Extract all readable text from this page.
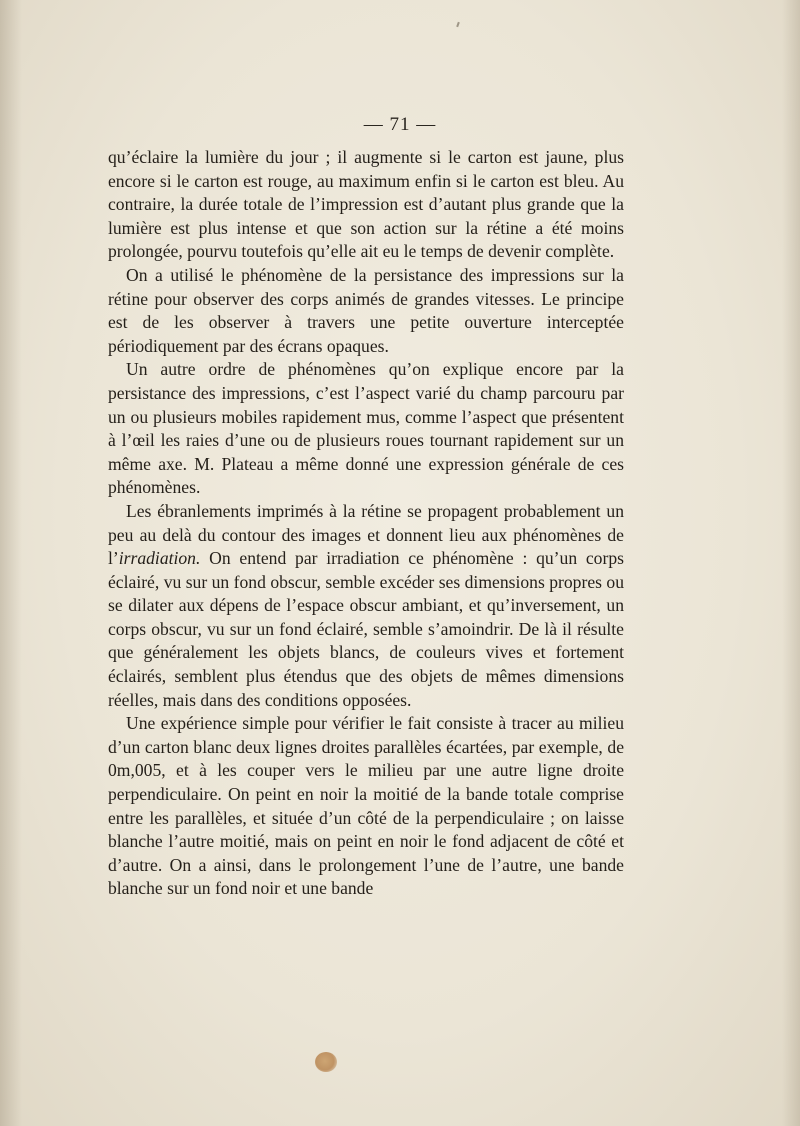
— 71 —

qu’éclaire la lumière du jour ; il augmente si le carton est jaune, plus encore si le carton est rouge, au maximum enfin si le carton est bleu. Au contraire, la durée totale de l’impression est d’autant plus grande que la lumière est plus intense et que son action sur la rétine a été moins prolongée, pourvu toutefois qu’elle ait eu le temps de devenir complète.

On a utilisé le phénomène de la persistance des impressions sur la rétine pour observer des corps animés de grandes vitesses. Le principe est de les observer à travers une petite ouverture interceptée périodiquement par des écrans opaques.

Un autre ordre de phénomènes qu’on explique encore par la persistance des impressions, c’est l’aspect varié du champ parcouru par un ou plusieurs mobiles rapidement mus, comme l’aspect que présentent à l’œil les raies d’une ou de plusieurs roues tournant rapidement sur un même axe. M. Plateau a même donné une expression générale de ces phénomènes.

Les ébranlements imprimés à la rétine se propagent probablement un peu au delà du contour des images et donnent lieu aux phénomènes de l’irradiation. On entend par irradiation ce phénomène : qu’un corps éclairé, vu sur un fond obscur, semble excéder ses dimensions propres ou se dilater aux dépens de l’espace obscur ambiant, et qu’inversement, un corps obscur, vu sur un fond éclairé, semble s’amoindrir. De là il résulte que généralement les objets blancs, de couleurs vives et fortement éclairés, semblent plus étendus que des objets de mêmes dimensions réelles, mais dans des conditions opposées.

Une expérience simple pour vérifier le fait consiste à tracer au milieu d’un carton blanc deux lignes droites parallèles écartées, par exemple, de 0m,005, et à les couper vers le milieu par une autre ligne droite perpendiculaire. On peint en noir la moitié de la bande totale comprise entre les parallèles, et située d’un côté de la perpendiculaire ; on laisse blanche l’autre moitié, mais on peint en noir le fond adjacent de côté et d’autre. On a ainsi, dans le prolongement l’une de l’autre, une bande blanche sur un fond noir et une bande
